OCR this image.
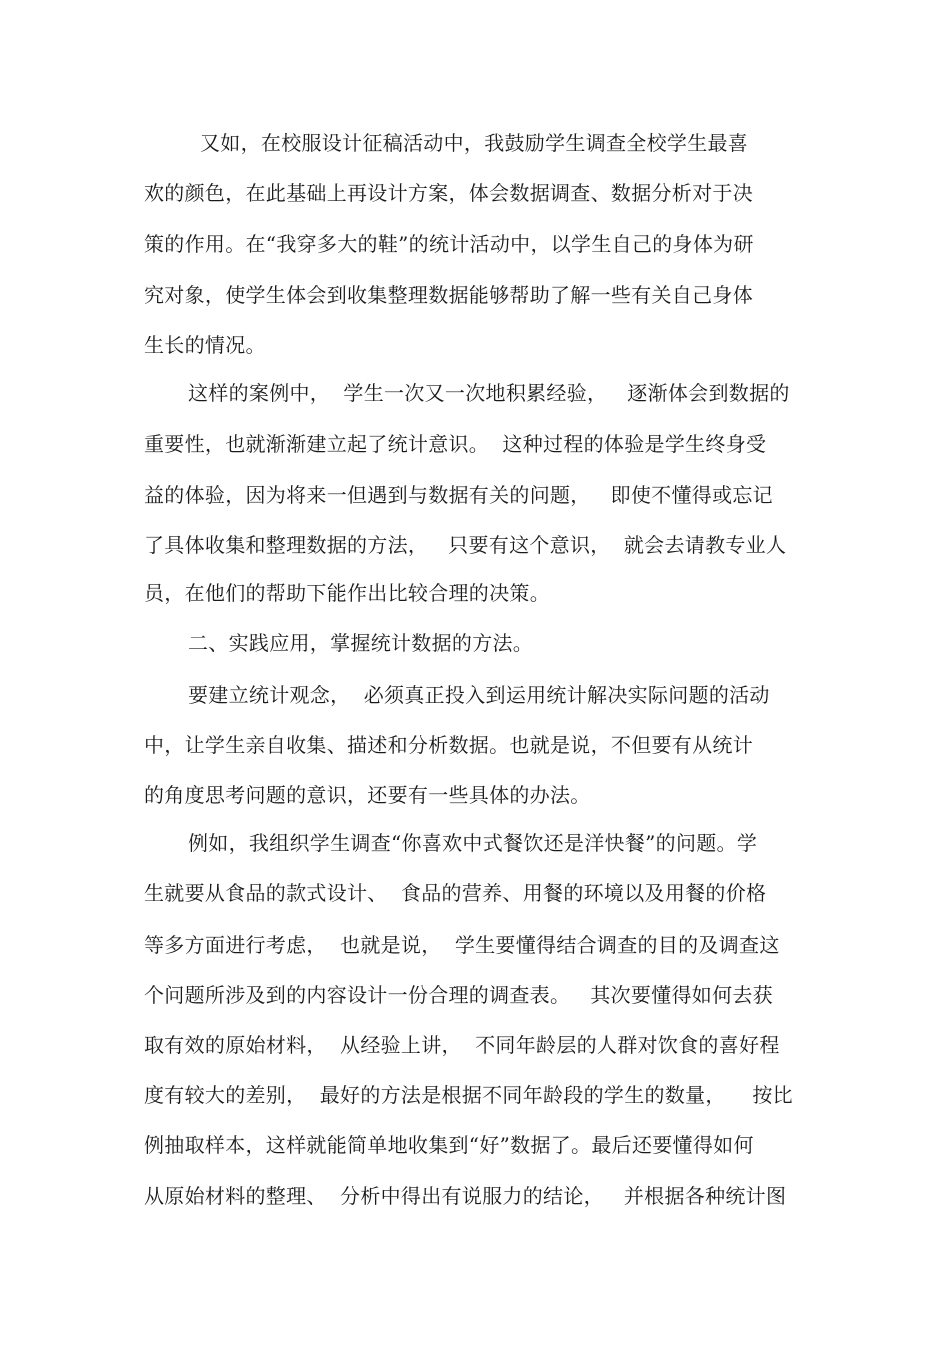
又如，在校服设计征稿活动中，我鼓励学生调查全校学生最喜
欢的颜色，在此基础上再设计方案，体会数据调查、数据分析对于决
策的作用。在“我穿多大的鞋”的统计活动中，以学生自己的身体为研
究对象，使学生体会到收集整理数据能够帮助了解一些有关自己身体
生长的情况。
这样的案例中，  学生一次又一次地积累经验，   逐渐体会到数据的
重要性，也就渐渐建立起了统计意识。  这种过程的体验是学生终身受
益的体验，因为将来一但遇到与数据有关的问题，   即使不懂得或忘记
了具体收集和整理数据的方法，   只要有这个意识，  就会去请教专业人
员，在他们的帮助下能作出比较合理的决策。
二、实践应用，掌握统计数据的方法。
要建立统计观念，  必须真正投入到运用统计解决实际问题的活动
中，让学生亲自收集、描述和分析数据。也就是说，不但要有从统计
的角度思考问题的意识，还要有一些具体的办法。
例如，我组织学生调查“你喜欢中式餐饮还是洋快餐”的问题。学
生就要从食品的款式设计、  食品的营养、用餐的环境以及用餐的价格
等多方面进行考虑，  也就是说，  学生要懂得结合调查的目的及调查这
个问题所涉及到的内容设计一份合理的调查表。   其次要懂得如何去获
取有效的原始材料，  从经验上讲，  不同年龄层的人群对饮食的喜好程
度有较大的差别，  最好的方法是根据不同年龄段的学生的数量，    按比
例抽取样本，这样就能简单地收集到“好”数据了。最后还要懂得如何
从原始材料的整理、  分析中得出有说服力的结论，   并根据各种统计图
